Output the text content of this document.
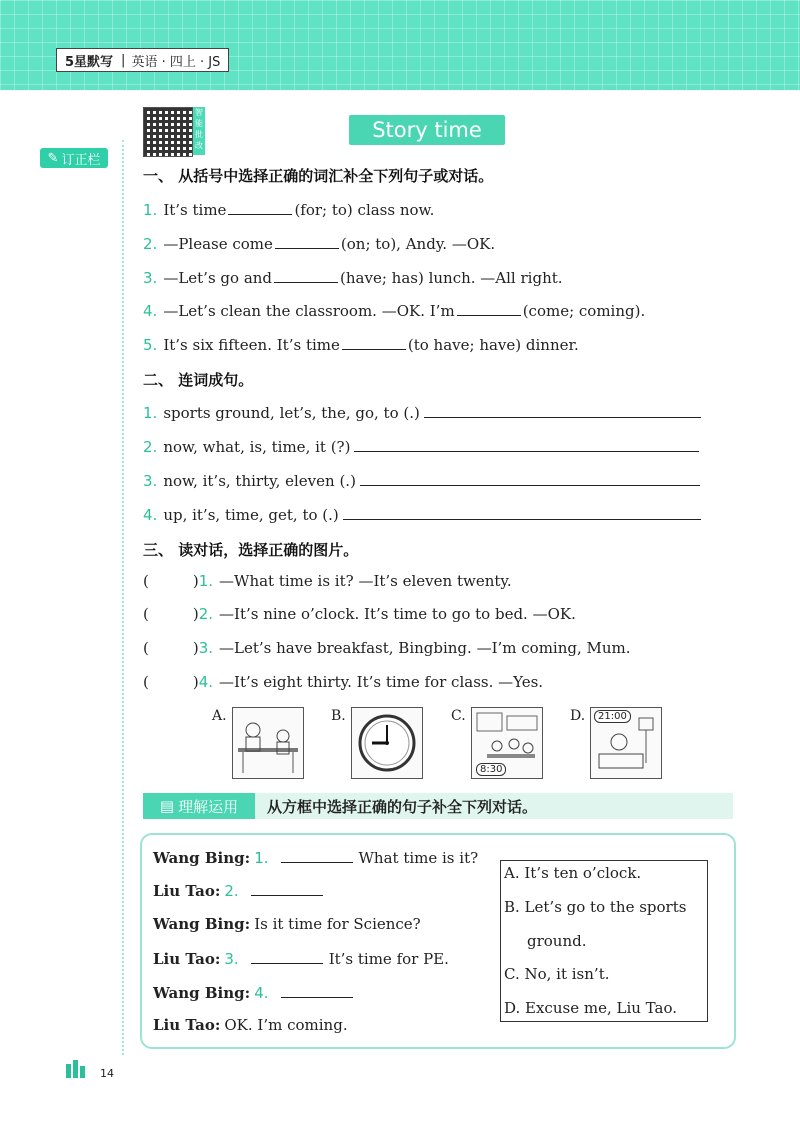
5星默写 | 英语 · 四上 · JS
✎ 订正栏
智能批改
Story time
一、 从括号中选择正确的词汇补全下列句子或对话。
1. It’s time	(for; to) class now.
2. —Please come	(on; to), Andy. —OK.
3. —Let’s go and	(have; has) lunch. —All right.
4. —Let’s clean the classroom. —OK. I’m	(come; coming).
5. It’s six fifteen. It’s time	(to have; have) dinner.
二、 连词成句。
1. sports ground, let’s, the, go, to (.)
2. now, what, is, time, it (?)
3. now, it’s, thirty, eleven (.)
4. up, it’s, time, get, to (.)
三、 读对话，选择正确的图片。
(	) 1. —What time is it? —It’s eleven twenty.
(	) 2. —It’s nine o’clock. It’s time to go to bed. —OK.
(	) 3. —Let’s have breakfast, Bingbing. —I’m coming, Mum.
(	) 4. —It’s eight thirty. It’s time for class. —Yes.
A.	B.	C.
8:30
D.	21:00
▤ 理解运用 从方框中选择正确的句子补全下列对话。
Wang Bing: 1.	What time is it?
Liu Tao: 2.
Wang Bing: Is it time for Science?
Liu Tao: 3.	It’s time for PE.
Wang Bing: 4.
Liu Tao: OK. I’m coming.
A. It’s ten o’clock.
B. Let’s go to the sports
ground.
C. No, it isn’t.
D. Excuse me, Liu Tao.
14
